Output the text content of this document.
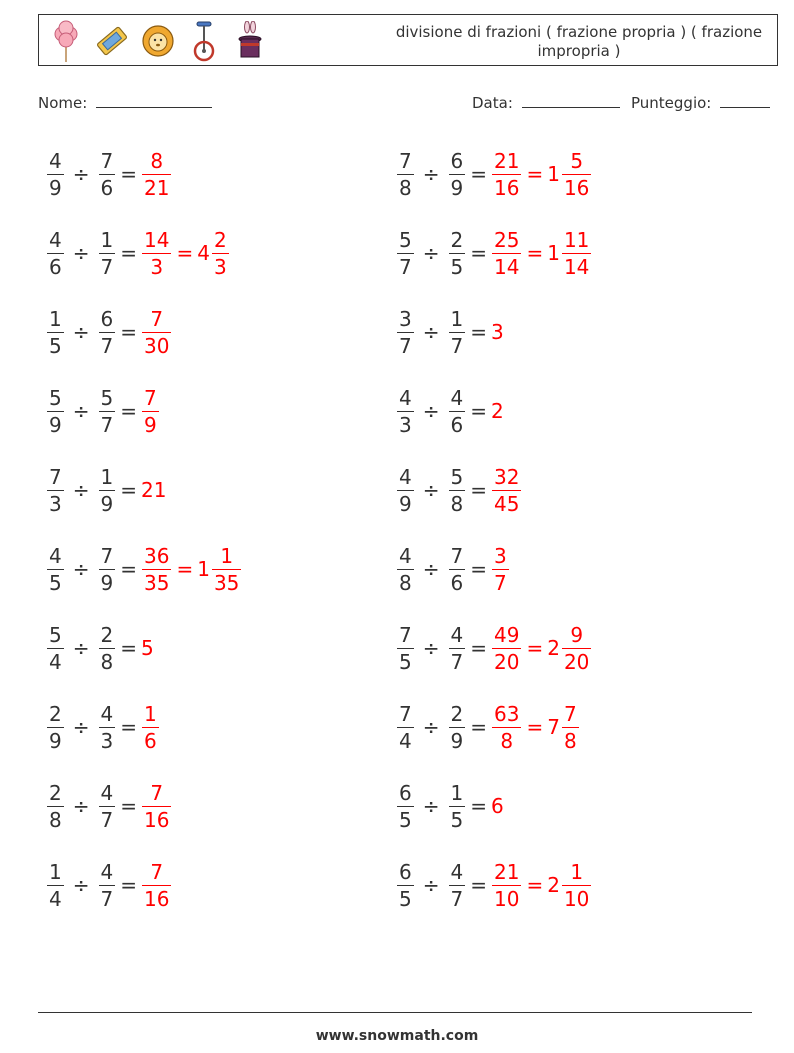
divisione di frazioni ( frazione propria ) ( frazione impropria )
Nome:	Data:	Punteggio:
$\frac{4}{9} \div \frac{7}{6} = \frac{8}{21}$	$\frac{7}{8} \div \frac{6}{9} = \frac{21}{16} = 1 \frac{5}{16}$
$\frac{4}{6} \div \frac{1}{7} = \frac{14}{3} = 4 \frac{2}{3}$	$\frac{5}{7} \div \frac{2}{5} = \frac{25}{14} = 1 \frac{11}{14}$
$\frac{1}{5} \div \frac{6}{7} = \frac{7}{30}$	$\frac{3}{7} \div \frac{1}{7} = 3$
$\frac{5}{9} \div \frac{5}{7} = \frac{7}{9}$	$\frac{4}{3} \div \frac{4}{6} = 2$
$\frac{7}{3} \div \frac{1}{9} = 21$	$\frac{4}{9} \div \frac{5}{8} = \frac{32}{45}$
$\frac{4}{5} \div \frac{7}{9} = \frac{36}{35} = 1 \frac{1}{35}$	$\frac{4}{8} \div \frac{7}{6} = \frac{3}{7}$
$\frac{5}{4} \div \frac{2}{8} = 5$	$\frac{7}{5} \div \frac{4}{7} = \frac{49}{20} = 2 \frac{9}{20}$
$\frac{2}{9} \div \frac{4}{3} = \frac{1}{6}$	$\frac{7}{4} \div \frac{2}{9} = \frac{63}{8} = 7 \frac{7}{8}$
$\frac{2}{8} \div \frac{4}{7} = \frac{7}{16}$	$\frac{6}{5} \div \frac{1}{5} = 6$
$\frac{1}{4} \div \frac{4}{7} = \frac{7}{16}$	$\frac{6}{5} \div \frac{4}{7} = \frac{21}{10} = 2 \frac{1}{10}$
www.snowmath.com
